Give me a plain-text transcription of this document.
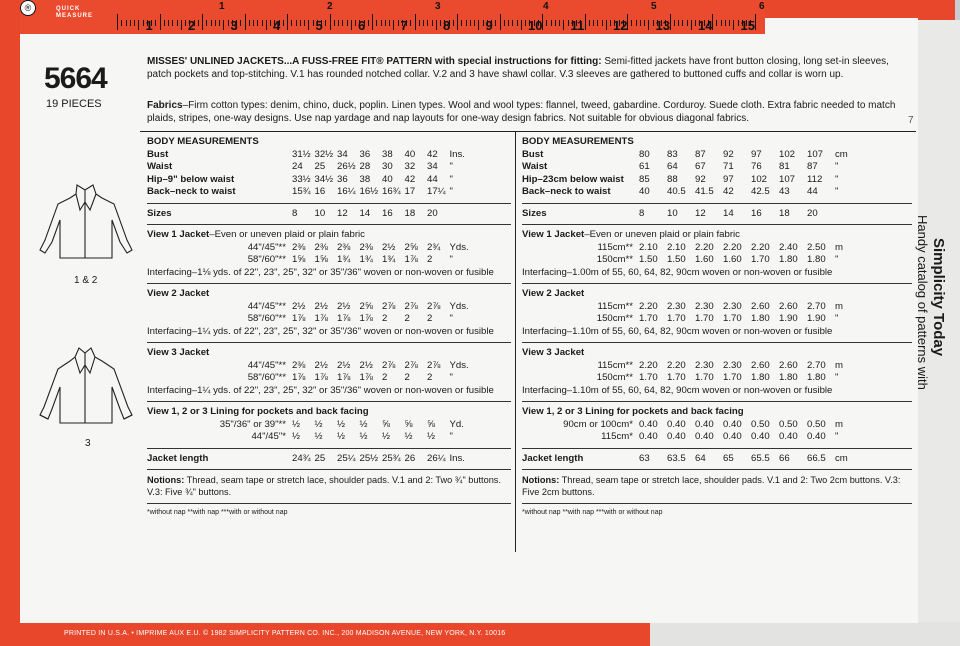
®	QUICK
MEASURE
1	2	3	4	5	6	7	8	9	10 11 12 13 14 15
1	2	3	4	5	6
5664
19 PIECES
MISSES' UNLINED JACKETS...A FUSS-FREE FIT® PATTERN with special instructions for fitting: Semi-fitted jackets have front button closing, long set-in sleeves, patch pockets and top-stitching. V.1 has rounded notched collar. V.2 and 3 have shawl collar. V.3 sleeves are gathered to buttoned cuffs and collar is worn up.
Fabrics–Firm cotton types: denim, chino, duck, poplin. Linen types. Wool and wool types: flannel, tweed, gabardine. Corduroy. Suede cloth. Extra fabric needed to match plaids, stripes, one-way designs. Use nap yardage and nap layouts for one-way design fabrics. Not suitable for obvious diagonal fabrics.
1 & 2
3
BODY MEASUREMENTS
Bust	31½ 32½ 34	36	38	40	42	Ins.
Waist	24	25	26½ 28	30	32	34	"
Hip–9" below waist	33½ 34½ 36	38	40	42	44	"
Back–neck to waist	15¾ 16	16¼ 16½ 16¾ 17	17¼ "
Sizes	8	10	12	14	16	18	20
View 1 Jacket–Even or uneven plaid or plain fabric
44"/45"** 2⅜ 2⅜ 2⅜ 2⅜ 2½ 2⅝ 2¾ Yds.
58"/60"** 1⅝ 1⅝ 1¾ 1¾ 1¾ 1⅞ 2	"
Interfacing–1⅛ yds. of 22", 23", 25", 32" or 35"/36" woven or non-woven or fusible
View 2 Jacket
44"/45"** 2½ 2½ 2½ 2⅝ 2⅞ 2⅞ 2⅞ Yds.
58"/60"** 1⅞ 1⅞ 1⅞ 1⅞ 2	2	2	"
Interfacing–1¼ yds. of 22", 23", 25", 32" or 35"/36" woven or non-woven or fusible
View 3 Jacket
44"/45"** 2⅜ 2½ 2½ 2½ 2⅞ 2⅞ 2⅞ Yds.
58"/60"** 1⅞ 1⅞ 1⅞ 1⅞ 2	2	2	"
Interfacing–1¼ yds. of 22", 23", 25", 32" or 35"/36" woven or non-woven or fusible
View 1, 2 or 3 Lining for pockets and back facing
35"/36" or 39"** ½	½	½	½	⅝	⅝	⅝	Yd.
44"/45"* ½	½	½	½	½	½	½	"
Jacket length	24¾ 25	25¼ 25½ 25¾ 26	26¼ Ins.
Notions: Thread, seam tape or stretch lace, shoulder pads. V.1 and 2: Two ¾" buttons. V.3: Five ¾" buttons.
*without nap **with nap ***with or without nap
BODY MEASUREMENTS
Bust	80	83	87	92	97	102	107	cm
Waist	61	64	67	71	76	81	87	"
Hip–23cm below waist	85	88	92	97	102	107	112	"
Back–neck to waist	40	40.5 41.5 42	42.5 43	44	"
Sizes	8	10	12	14	16	18	20
View 1 Jacket–Even or uneven plaid or plain fabric
115cm** 2.10 2.10 2.20 2.20 2.20 2.40 2.50 m
150cm** 1.50 1.50 1.60 1.60 1.70 1.80 1.80 "
Interfacing–1.00m of 55, 60, 64, 82, 90cm woven or non-woven or fusible
View 2 Jacket
115cm** 2.20 2.30 2.30 2.30 2.60 2.60 2.70 m
150cm** 1.70 1.70 1.70 1.70 1.80 1.90 1.90 "
Interfacing–1.10m of 55, 60, 64, 82, 90cm woven or non-woven or fusible
View 3 Jacket
115cm** 2.20 2.20 2.30 2.30 2.60 2.60 2.70 m
150cm** 1.70 1.70 1.70 1.70 1.80 1.80 1.80 "
Interfacing–1.10m of 55, 60, 64, 82, 90cm woven or non-woven or fusible
View 1, 2 or 3 Lining for pockets and back facing
90cm or 100cm* 0.40 0.40 0.40 0.40 0.50 0.50 0.50 m
115cm* 0.40 0.40 0.40 0.40 0.40 0.40 0.40 "
Jacket length	63	63.5 64	65	65.5 66	66.5 cm
Notions: Thread, seam tape or stretch lace, shoulder pads. V.1 and 2: Two 2cm buttons. V.3: Five 2cm buttons.
*without nap **with nap ***with or without nap
Simplicity Today
Handy catalog of patterns with
7
PRINTED IN U.S.A. • IMPRIME AUX E.U. © 1982 SIMPLICITY PATTERN CO. INC., 200 MADISON AVENUE, NEW YORK, N.Y. 10016
